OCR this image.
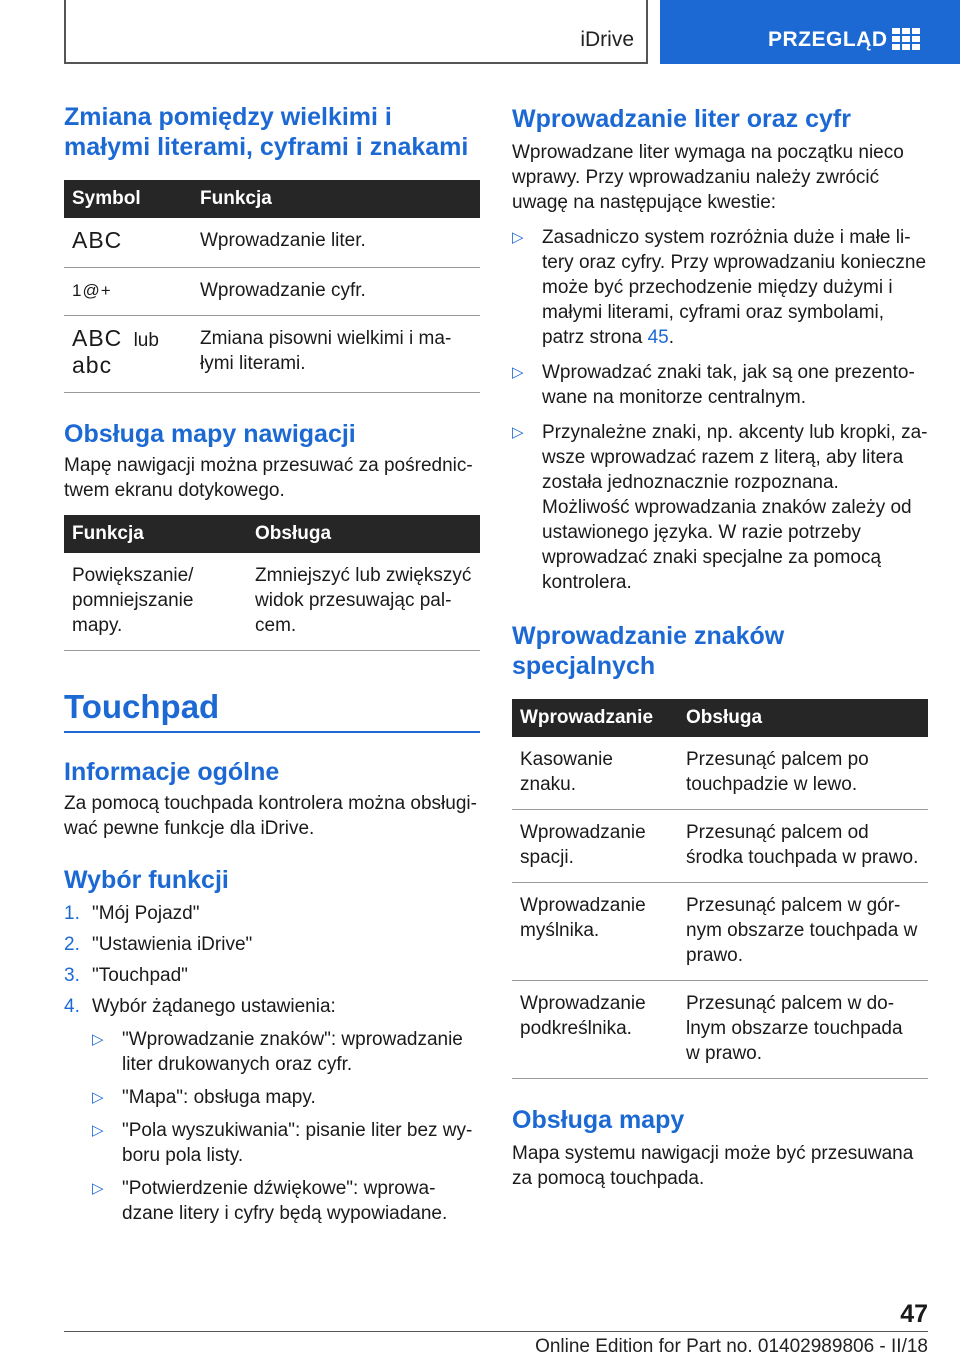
iDrive	PRZEGLĄD
Zmiana pomiędzy wielkimi i małymi literami, cyframi i znakami
Symbol	Funkcja
ABC	Wprowadzanie liter.
1@+	Wprowadzanie cyfr.
ABC lub
abc	Zmiana pisowni wielkimi i ma-łymi literami.
Obsługa mapy nawigacji

Mapę nawigacji można przesuwać za pośrednic-twem ekranu dotykowego.

Funkcja	Obsługa
Powiększanie/ pomniejszanie mapy.	Zmniejszyć lub zwiększyć widok przesuwając pal-cem.
Touchpad
Informacje ogólne

Za pomocą touchpada kontrolera można obsługi-wać pewne funkcje dla iDrive.

Wybór funkcji
1. "Mój Pojazd"
2. "Ustawienia iDrive"
3. "Touchpad"
4. Wybór żądanego ustawienia:
▷ "Wprowadzanie znaków": wprowadzanie liter drukowanych oraz cyfr.
▷ "Mapa": obsługa mapy.
▷ "Pola wyszukiwania": pisanie liter bez wy-boru pola listy.
▷ "Potwierdzenie dźwiękowe": wprowa-dzane litery i cyfry będą wypowiadane.
Wprowadzanie liter oraz cyfr

Wprowadzane liter wymaga na początku nieco wprawy. Przy wprowadzaniu należy zwrócić uwagę na następujące kwestie:

▷ Zasadniczo system rozróżnia duże i małe li-tery oraz cyfry. Przy wprowadzaniu konieczne może być przechodzenie między dużymi i małymi literami, cyframi oraz symbolami, patrz strona 45.
▷ Wprowadzać znaki tak, jak są one prezento-wane na monitorze centralnym.
▷ Przynależne znaki, np. akcenty lub kropki, za-wsze wprowadzać razem z literą, aby litera została jednoznacznie rozpoznana. Możliwość wprowadzania znaków zależy od ustawionego języka. W razie potrzeby wprowadzać znaki specjalne za pomocą kontrolera.
Wprowadzanie znaków specjalnych
Wprowadzanie	Obsługa
Kasowanie znaku.	Przesunąć palcem po touchpadzie w lewo.
Wprowadzanie spacji.	Przesunąć palcem od środka touchpada w prawo.
Wprowadzanie myślnika.	Przesunąć palcem w gór-nym obszarze touchpada w prawo.
Wprowadzanie podkreślnika.	Przesunąć palcem w do-lnym obszarze touchpada w prawo.
Obsługa mapy

Mapa systemu nawigacji może być przesuwana za pomocą touchpada.

47
Online Edition for Part no. 01402989806 - II/18
